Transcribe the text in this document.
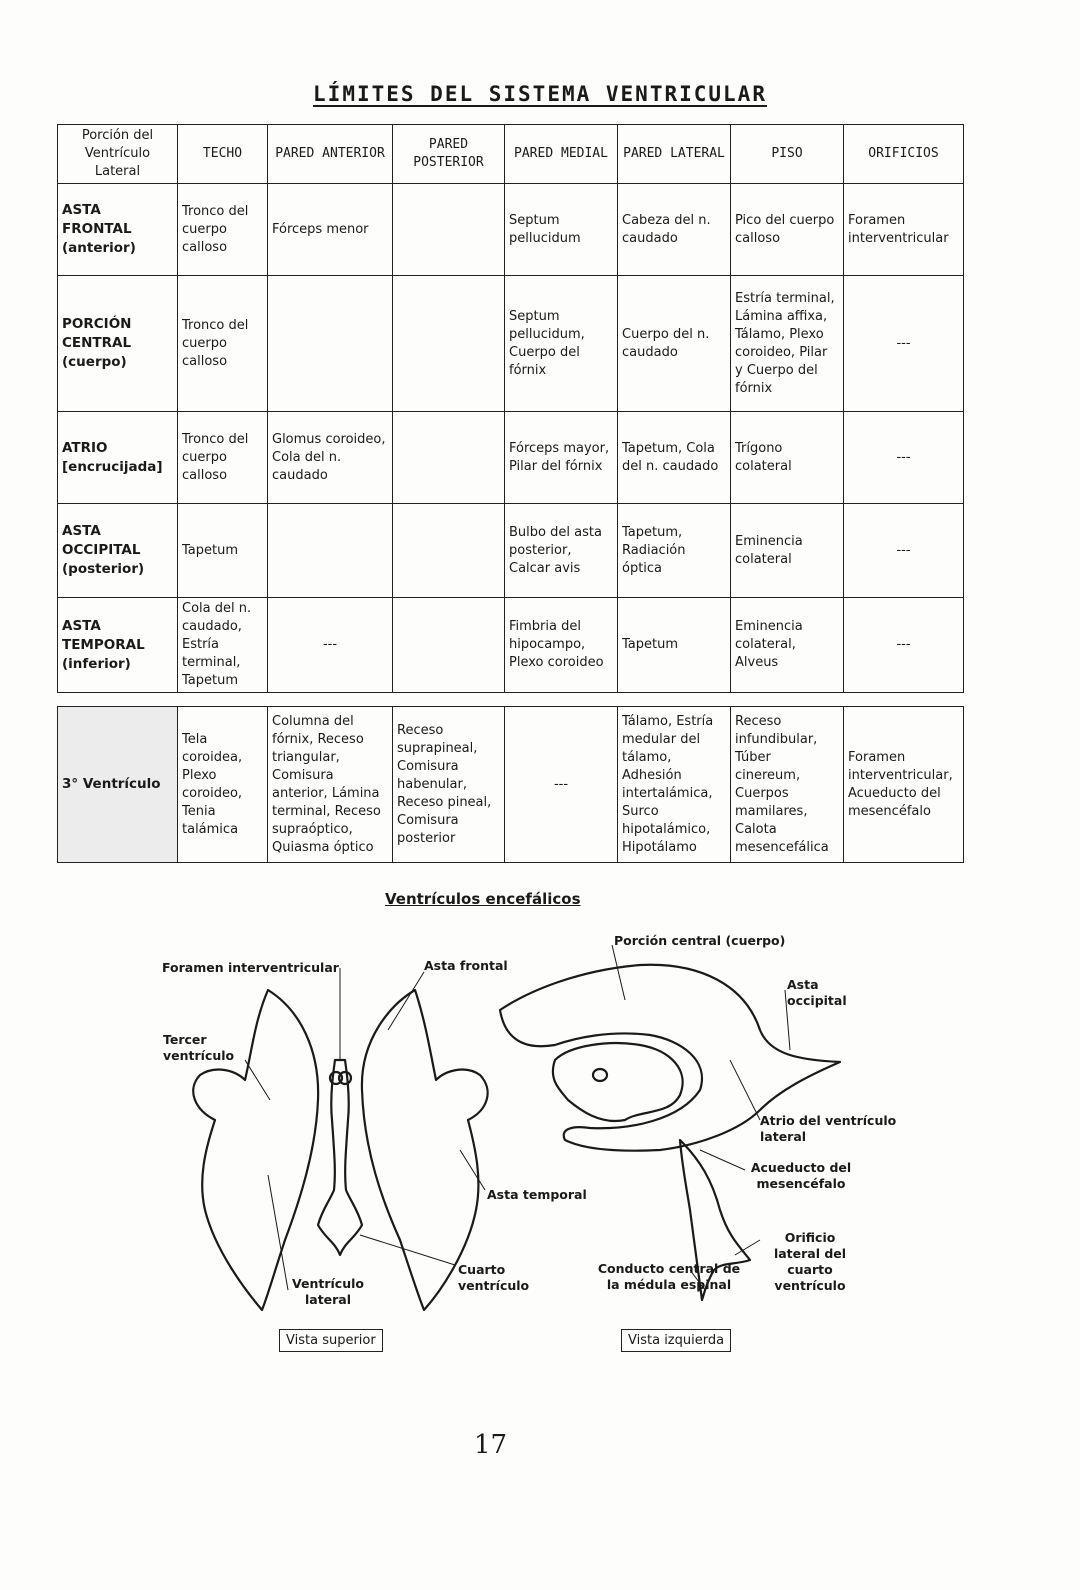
LÍMITES DEL SISTEMA VENTRICULAR
Porción del Ventrículo Lateral	TECHO	PARED ANTERIOR	PARED POSTERIOR	PARED MEDIAL	PARED LATERAL	PISO	ORIFICIOS
ASTA FRONTAL (anterior)	Tronco del cuerpo calloso	Fórceps menor		Septum pellucidum	Cabeza del n. caudado	Pico del cuerpo calloso	Foramen interventricular
PORCIÓN CENTRAL (cuerpo)	Tronco del cuerpo calloso			Septum pellucidum, Cuerpo del fórnix	Cuerpo del n. caudado	Estría terminal, Lámina affixa, Tálamo, Plexo coroideo, Pilar y Cuerpo del fórnix	---
ATRIO [encrucijada]	Tronco del cuerpo calloso	Glomus coroideo, Cola del n. caudado		Fórceps mayor, Pilar del fórnix	Tapetum, Cola del n. caudado	Trígono colateral	---
ASTA OCCIPITAL (posterior)	Tapetum			Bulbo del asta posterior, Calcar avis	Tapetum, Radiación óptica	Eminencia colateral	---
ASTA TEMPORAL (inferior)	Cola del n. caudado, Estría terminal, Tapetum	---		Fimbria del hipocampo, Plexo coroideo	Tapetum	Eminencia colateral, Alveus	---
3° Ventrículo	Tela coroidea, Plexo coroideo, Tenia talámica	Columna del fórnix, Receso triangular, Comisura anterior, Lámina terminal, Receso supraóptico, Quiasma óptico	Receso suprapineal, Comisura habenular, Receso pineal, Comisura posterior	---	Tálamo, Estría medular del tálamo, Adhesión intertalámica, Surco hipotalámico, Hipotálamo	Receso infundibular, Túber cinereum, Cuerpos mamilares, Calota mesencefálica	Foramen interventricular, Acueducto del mesencéfalo
Ventrículos encefálicos
Foramen interventricular	Asta frontal
Tercer ventrículo
Asta temporal
Cuarto ventrículo
Ventrículo lateral
Vista superior
Porción central (cuerpo)
Asta occipital
Atrio del ventrículo lateral
Acueducto del mesencéfalo
Orificio lateral del cuarto ventrículo
Conducto central de la médula espinal
Vista izquierda
17
